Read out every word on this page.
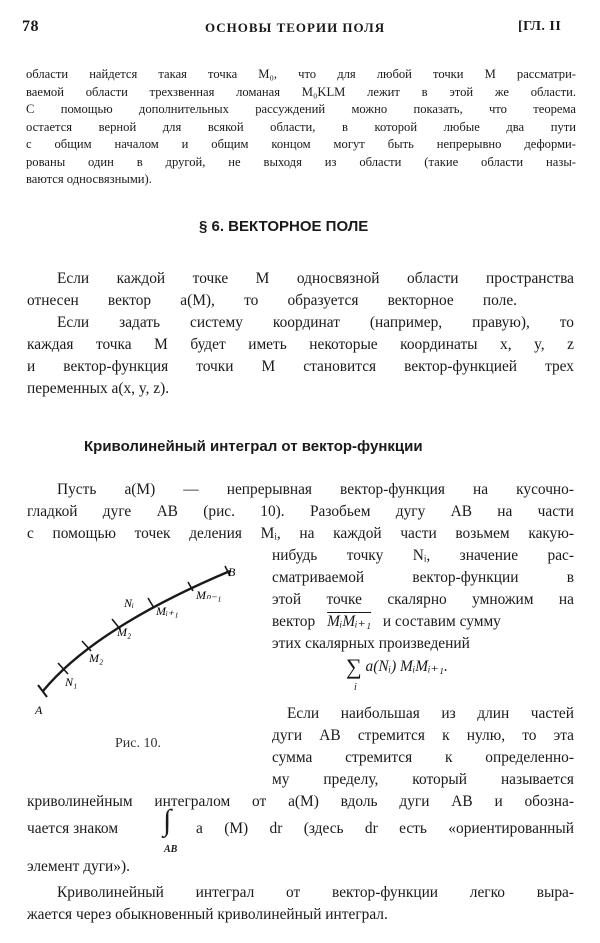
78	ОСНОВЫ ТЕОРИИ ПОЛЯ	[ГЛ. II
области найдется такая точка M₀, что для любой точки M рассматри-
ваемой области трехзвенная ломаная M₀KLM лежит в этой же области.
С помощью дополнительных рассуждений можно показать, что теорема
остается верной для всякой области, в которой любые два пути
с общим началом и общим концом могут быть непрерывно деформи-
рованы один в другой, не выходя из области (такие области назы-
ваются односвязными).
§ 6. ВЕКТОРНОЕ ПОЛЕ
Если каждой точке M односвязной области пространства
отнесен вектор a(M), то образуется векторное поле.
Если задать систему координат (например, правую), то
каждая точка M будет иметь некоторые координаты x, y, z
и вектор-функция точки M становится вектор-функцией трех
переменных a(x, y, z).
Криволинейный интеграл от вектор-функции
Пусть a(M) — непрерывная вектор-функция на кусочно-
гладкой дуге AB (рис. 10). Разобьем дугу AB на части
с помощью точек деления Mᵢ, на каждой части возьмем какую-
нибудь точку Nᵢ, значение рас-
сматриваемой вектор-функции в
этой точке скалярно умножим на
вектор MᵢMᵢ₊₁ и составим сумму
этих скалярных произведений
∑ a(Nᵢ) MᵢMᵢ₊₁.
i
Если наибольшая из длин частей
дуги AB стремится к нулю, то эта
сумма стремится к определенно-
му пределу, который называется
криволинейным интегралом от a(M) вдоль дуги AB и обозна-
чается знаком ∫
AB
a (M) dr (здесь dr есть «ориентированный
элемент дуги»).
Криволинейный интеграл от вектор-функции легко выра-
жается через обыкновенный криволинейный интеграл.
A
B
N₁
M₂
M₂
Nᵢ
Mᵢ₊₁
Mₙ₋₁
Рис. 10.
